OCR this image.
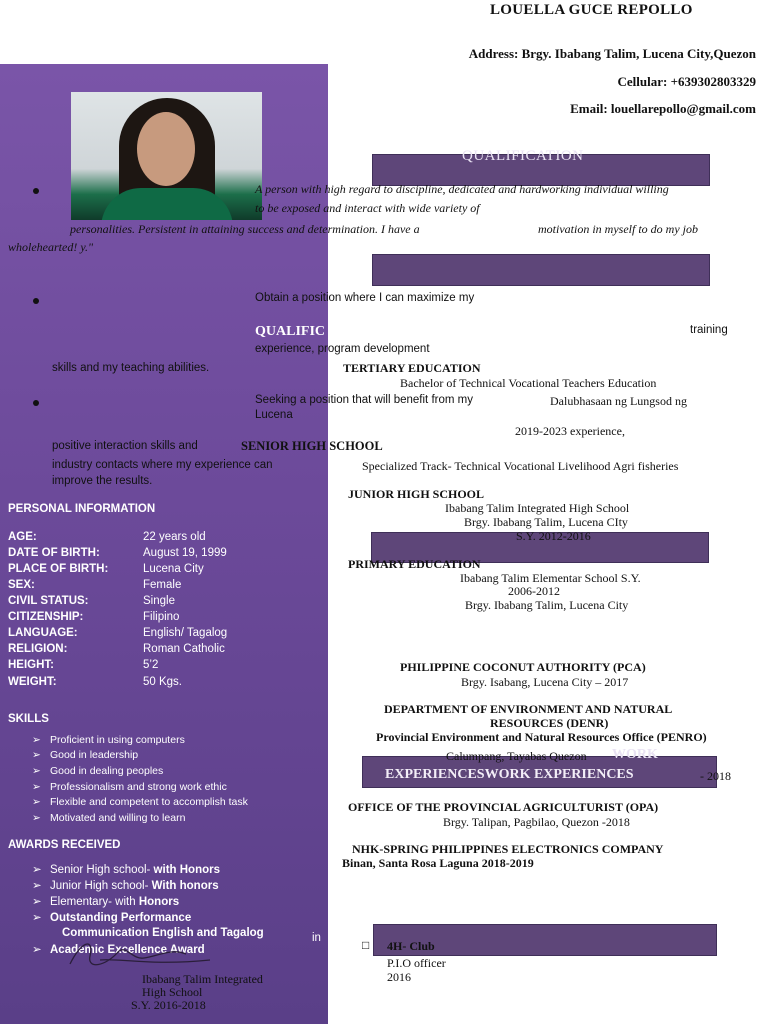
LOUELLA GUCE REPOLLO
Address: Brgy. Ibabang Talim, Lucena City,Quezon
Cellular: +639302803329
Email: louellarepollo@gmail.com
QUALIFICATION
WORK
EXPERIENCESWORK EXPERIENCES
A person with high regard to discipline, dedicated and hardworking individual willing
to be exposed and interact with wide variety of
personalities. Persistent in attaining success and determination. I have a	motivation in myself to do my job
wholehearted! y."
Obtain a position where I can maximize my
QUALIFIC	training
experience, program development
skills and my teaching abilities.
Seeking a position that will benefit from my
Lucena
positive interaction skills and
industry contacts where my experience can
improve the results.
TERTIARY EDUCATION
Bachelor of Technical Vocational Teachers Education
Dalubhasaan ng Lungsod ng
2019-2023 experience,
SENIOR HIGH SCHOOL
Specialized Track- Technical Vocational Livelihood Agri fisheries
JUNIOR HIGH SCHOOL
Ibabang Talim Integrated High School
Brgy. Ibabang Talim, Lucena CIty
S.Y. 2012-2016
PRIMARY EDUCATION
Ibabang Talim Elementar School S.Y.
2006-2012
Brgy. Ibabang Talim, Lucena City
PHILIPPINE COCONUT AUTHORITY (PCA)
Brgy. Isabang, Lucena City – 2017
DEPARTMENT OF ENVIRONMENT AND NATURAL
RESOURCES (DENR)
Provincial Environment and Natural Resources Office (PENRO)
Calumpang, Tayabas Quezon
- 2018
OFFICE OF THE PROVINCIAL AGRICULTURIST (OPA)
Brgy. Talipan, Pagbilao, Quezon -2018
NHK-SPRING PHILIPPINES ELECTRONICS COMPANY
Binan, Santa Rosa Laguna 2018-2019
□ 4H- Club
P.I.O officer
2016
PERSONAL INFORMATION
AGE:	22 years old
DATE OF BIRTH:	August 19, 1999
PLACE OF BIRTH:	Lucena City
SEX:	Female
CIVIL STATUS:	Single
CITIZENSHIP:	Filipino
LANGUAGE:	English/ Tagalog
RELIGION:	Roman Catholic
HEIGHT:	5’2
WEIGHT:	50 Kgs.
SKILLS
➢ Proficient in using computers
➢ Good in leadership
➢ Good in dealing peoples
➢ Professionalism and strong work ethic
➢ Flexible and competent to accomplish task
➢ Motivated and willing to learn
AWARDS RECEIVED
➢ Senior High school- with Honors
➢ Junior High school- With honors
➢ Elementary- with Honors
➢ Outstanding Performance
Communication English and Tagalog	in
➢ Academic Excellence Award
Ibabang Talim Integrated
High School
S.Y. 2016-2018
